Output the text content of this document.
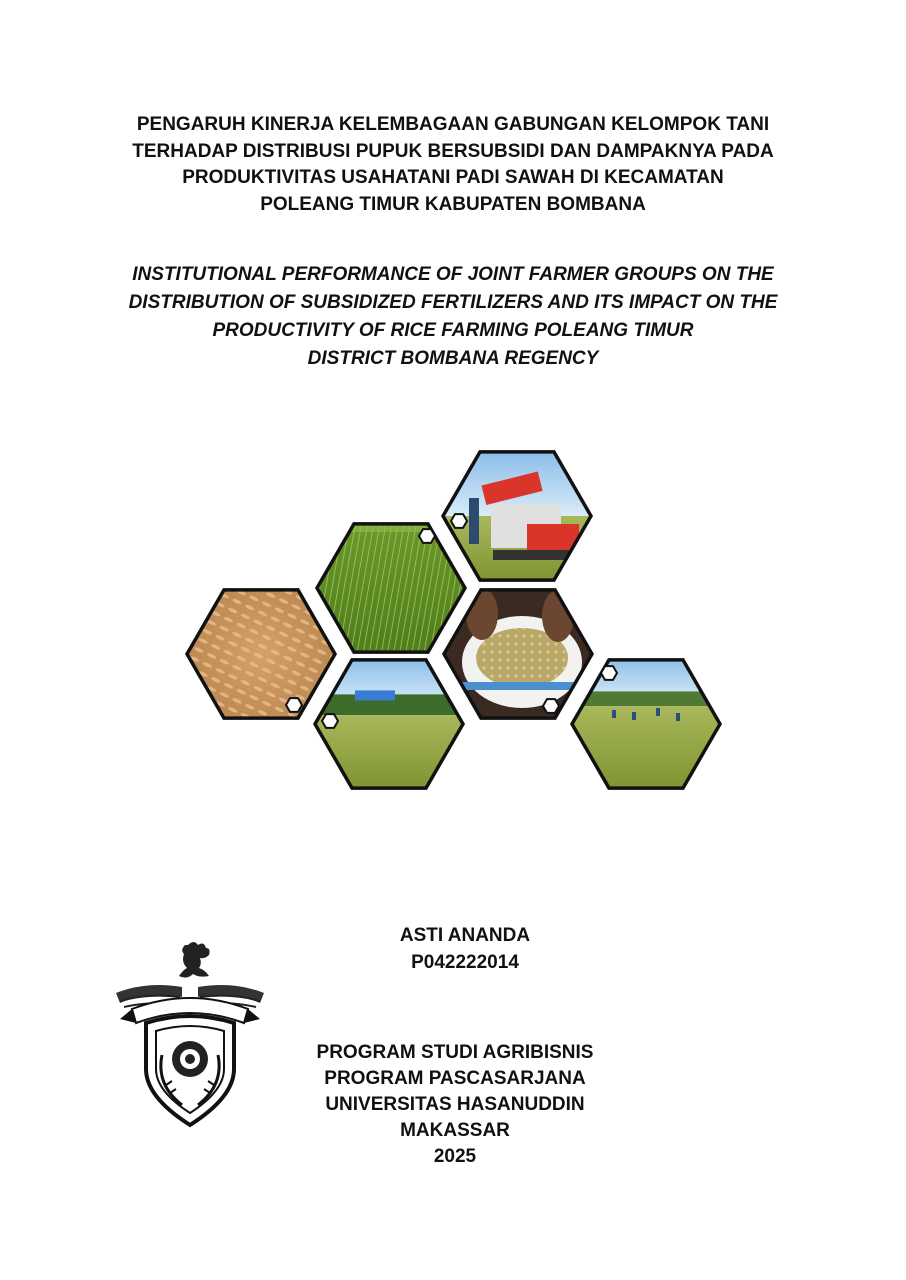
PENGARUH KINERJA KELEMBAGAAN GABUNGAN KELOMPOK TANI
TERHADAP DISTRIBUSI PUPUK BERSUBSIDI DAN DAMPAKNYA PADA
PRODUKTIVITAS USAHATANI PADI SAWAH DI KECAMATAN
POLEANG TIMUR KABUPATEN BOMBANA
INSTITUTIONAL PERFORMANCE OF JOINT FARMER GROUPS ON THE
DISTRIBUTION OF SUBSIDIZED FERTILIZERS AND ITS IMPACT ON THE
PRODUCTIVITY OF RICE FARMING POLEANG TIMUR
DISTRICT BOMBANA REGENCY
ASTI ANANDA
P042222014
PROGRAM STUDI AGRIBISNIS
PROGRAM PASCASARJANA
UNIVERSITAS HASANUDDIN
MAKASSAR
2025
